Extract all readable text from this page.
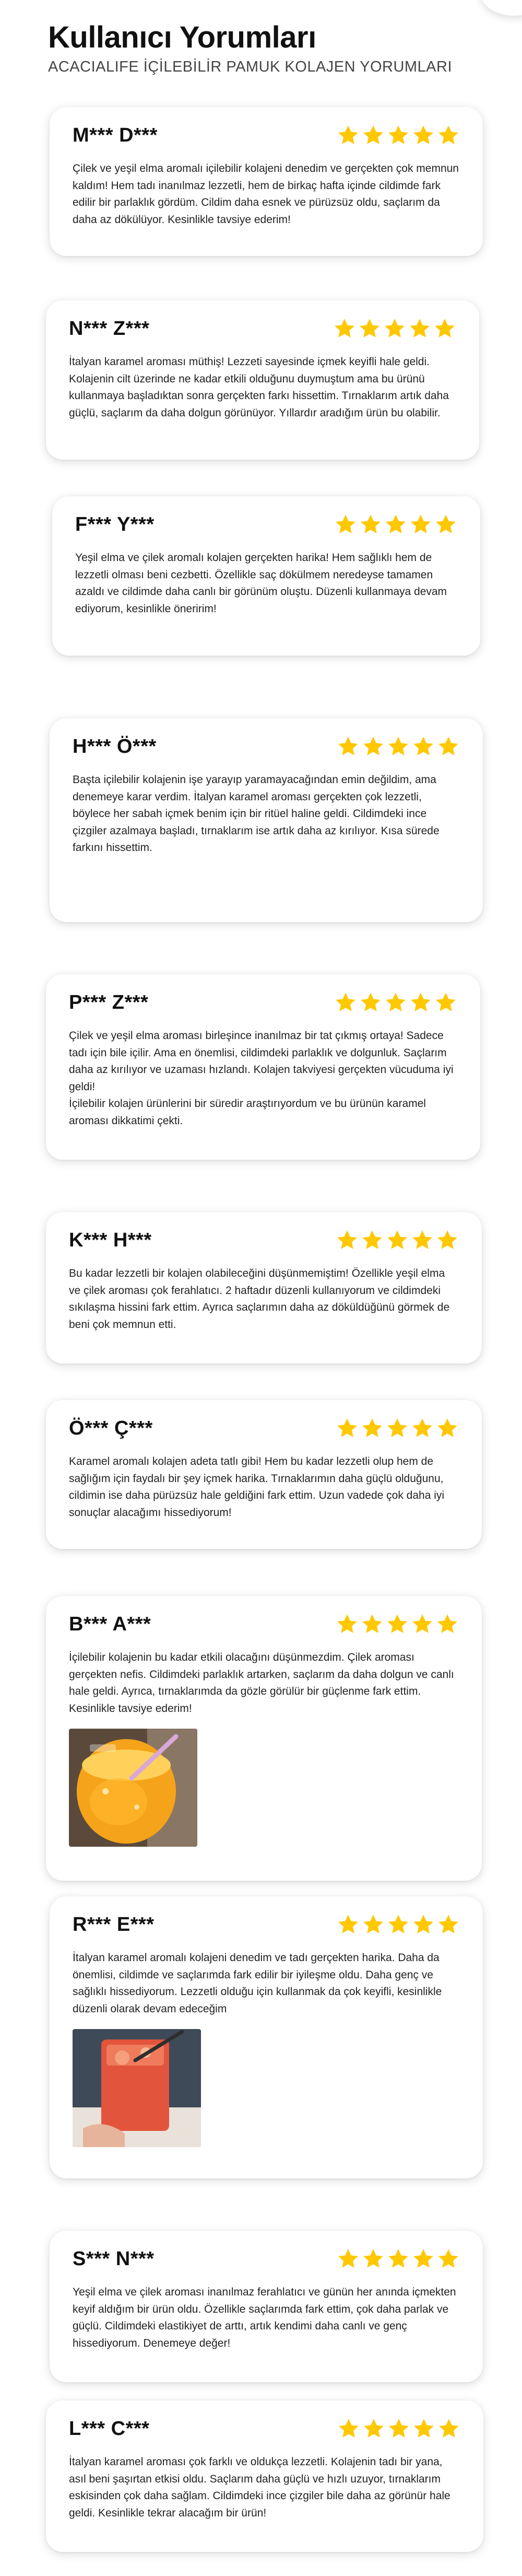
Kullanıcı Yorumları
ACACIALIFE İÇİLEBİLİR PAMUK KOLAJEN YORUMLARI
M*** D***
Çilek ve yeşil elma aromalı içilebilir kolajeni denedim ve gerçekten çok memnun kaldım! Hem tadı inanılmaz lezzetli, hem de birkaç hafta içinde cildimde fark edilir bir parlaklık gördüm. Cildim daha esnek ve pürüzsüz oldu, saçlarım da daha az dökülüyor. Kesinlikle tavsiye ederim!
N*** Z***
İtalyan karamel aroması müthiş! Lezzeti sayesinde içmek keyifli hale geldi. Kolajenin cilt üzerinde ne kadar etkili olduğunu duymuştum ama bu ürünü kullanmaya başladıktan sonra gerçekten farkı hissettim. Tırnaklarım artık daha güçlü, saçlarım da daha dolgun görünüyor. Yıllardır aradığım ürün bu olabilir.
F*** Y***
Yeşil elma ve çilek aromalı kolajen gerçekten harika! Hem sağlıklı hem de lezzetli olması beni cezbetti. Özellikle saç dökülmem neredeyse tamamen azaldı ve cildimde daha canlı bir görünüm oluştu. Düzenli kullanmaya devam ediyorum, kesinlikle öneririm!
H*** Ö***
Başta içilebilir kolajenin işe yarayıp yaramayacağından emin değildim, ama denemeye karar verdim. İtalyan karamel aroması gerçekten çok lezzetli, böylece her sabah içmek benim için bir ritüel haline geldi. Cildimdeki ince çizgiler azalmaya başladı, tırnaklarım ise artık daha az kırılıyor. Kısa sürede farkını hissettim.
P*** Z***
Çilek ve yeşil elma aroması birleşince inanılmaz bir tat çıkmış ortaya! Sadece tadı için bile içilir. Ama en önemlisi, cildimdeki parlaklık ve dolgunluk. Saçlarım daha az kırılıyor ve uzaması hızlandı. Kolajen takviyesi gerçekten vücuduma iyi geldi!
İçilebilir kolajen ürünlerini bir süredir araştırıyordum ve bu ürünün karamel aroması dikkatimi çekti.
K*** H***
Bu kadar lezzetli bir kolajen olabileceğini düşünmemiştim! Özellikle yeşil elma ve çilek aroması çok ferahlatıcı. 2 haftadır düzenli kullanıyorum ve cildimdeki sıkılaşma hissini fark ettim. Ayrıca saçlarımın daha az döküldüğünü görmek de beni çok memnun etti.
Ö*** Ç***
Karamel aromalı kolajen adeta tatlı gibi! Hem bu kadar lezzetli olup hem de sağlığım için faydalı bir şey içmek harika. Tırnaklarımın daha güçlü olduğunu, cildimin ise daha pürüzsüz hale geldiğini fark ettim. Uzun vadede çok daha iyi sonuçlar alacağımı hissediyorum!
B*** A***
İçilebilir kolajenin bu kadar etkili olacağını düşünmezdim. Çilek aroması gerçekten nefis. Cildimdeki parlaklık artarken, saçlarım da daha dolgun ve canlı hale geldi. Ayrıca, tırnaklarımda da gözle görülür bir güçlenme fark ettim. Kesinlikle tavsiye ederim!
R*** E***
İtalyan karamel aromalı kolajeni denedim ve tadı gerçekten harika. Daha da önemlisi, cildimde ve saçlarımda fark edilir bir iyileşme oldu. Daha genç ve sağlıklı hissediyorum. Lezzetli olduğu için kullanmak da çok keyifli, kesinlikle düzenli olarak devam edeceğim
S*** N***
Yeşil elma ve çilek aroması inanılmaz ferahlatıcı ve günün her anında içmekten keyif aldığım bir ürün oldu. Özellikle saçlarımda fark ettim, çok daha parlak ve güçlü. Cildimdeki elastikiyet de arttı, artık kendimi daha canlı ve genç hissediyorum. Denemeye değer!
L*** C***
İtalyan karamel aroması çok farklı ve oldukça lezzetli. Kolajenin tadı bir yana, asıl beni şaşırtan etkisi oldu. Saçlarım daha güçlü ve hızlı uzuyor, tırnaklarım eskisinden çok daha sağlam. Cildimdeki ince çizgiler bile daha az görünür hale geldi. Kesinlikle tekrar alacağım bir ürün!
